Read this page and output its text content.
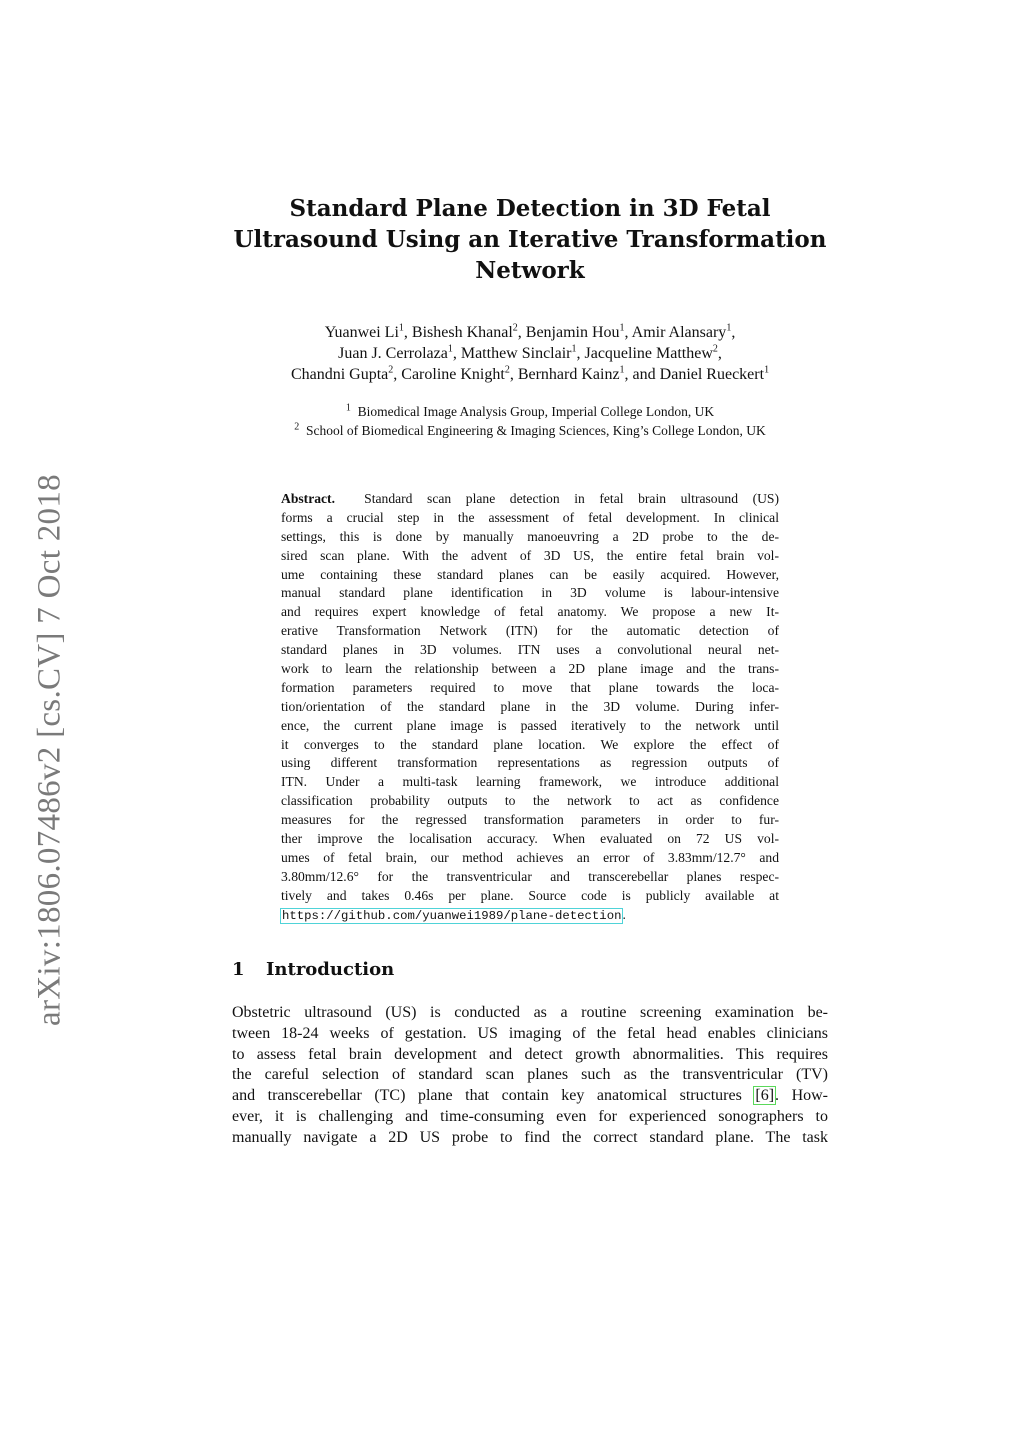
arXiv:1806.07486v2 [cs.CV] 7 Oct 2018
Standard Plane Detection in 3D Fetal
Ultrasound Using an Iterative Transformation
Network
Yuanwei Li$^1$, Bishesh Khanal$^2$, Benjamin Hou$^1$, Amir Alansary$^1$,
Juan J. Cerrolaza$^1$, Matthew Sinclair$^1$, Jacqueline Matthew$^2$,
Chandni Gupta$^2$, Caroline Knight$^2$, Bernhard Kainz$^1$, and Daniel Rueckert$^1$
$^1$ Biomedical Image Analysis Group, Imperial College London, UK
$^2$ School of Biomedical Engineering & Imaging Sciences, King’s College London, UK
Abstract. Standard scan plane detection in fetal brain ultrasound (US)
forms a crucial step in the assessment of fetal development. In clinical
settings, this is done by manually manoeuvring a 2D probe to the de-
sired scan plane. With the advent of 3D US, the entire fetal brain vol-
ume containing these standard planes can be easily acquired. However,
manual standard plane identification in 3D volume is labour-intensive
and requires expert knowledge of fetal anatomy. We propose a new It-
erative Transformation Network (ITN) for the automatic detection of
standard planes in 3D volumes. ITN uses a convolutional neural net-
work to learn the relationship between a 2D plane image and the trans-
formation parameters required to move that plane towards the loca-
tion/orientation of the standard plane in the 3D volume. During infer-
ence, the current plane image is passed iteratively to the network until
it converges to the standard plane location. We explore the effect of
using different transformation representations as regression outputs of
ITN. Under a multi-task learning framework, we introduce additional
classification probability outputs to the network to act as confidence
measures for the regressed transformation parameters in order to fur-
ther improve the localisation accuracy. When evaluated on 72 US vol-
umes of fetal brain, our method achieves an error of 3.83mm/12.7° and
3.80mm/12.6° for the transventricular and transcerebellar planes respec-
tively and takes 0.46s per plane. Source code is publicly available at
https://github.com/yuanwei1989/plane-detection.
1 Introduction
Obstetric ultrasound (US) is conducted as a routine screening examination be-
tween 18-24 weeks of gestation. US imaging of the fetal head enables clinicians
to assess fetal brain development and detect growth abnormalities. This requires
the careful selection of standard scan planes such as the transventricular (TV)
and transcerebellar (TC) plane that contain key anatomical structures [6]. How-
ever, it is challenging and time-consuming even for experienced sonographers to
manually navigate a 2D US probe to find the correct standard plane. The task
